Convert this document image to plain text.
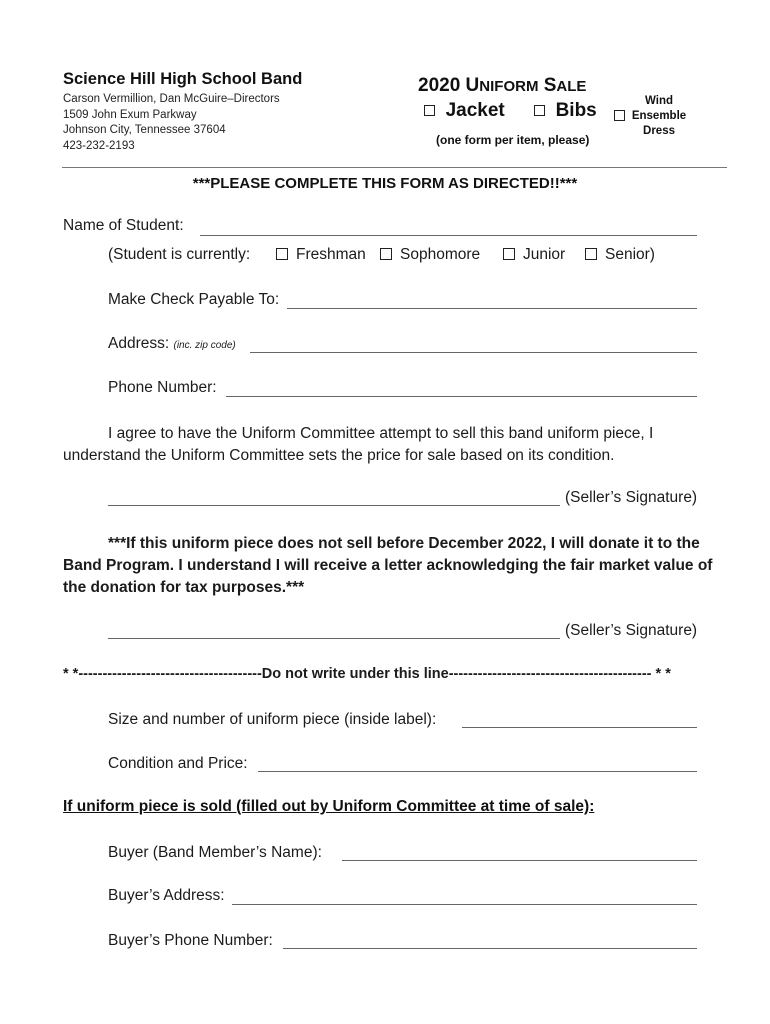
Science Hill High School Band
Carson Vermillion, Dan McGuire–Directors
1509 John Exum Parkway
Johnson City, Tennessee 37604
423-232-2193
2020 UNIFORM SALE
Jacket	Bibs	Wind Ensemble Dress
(one form per item, please)
***PLEASE COMPLETE THIS FORM AS DIRECTED!!***
Name of Student:
(Student is currently:	Freshman	Sophomore	Junior	Senior)
Make Check Payable To:
Address: (inc. zip code)
Phone Number:
I agree to have the Uniform Committee attempt to sell this band uniform piece, I understand the Uniform Committee sets the price for sale based on its condition.
(Seller’s Signature)
***If this uniform piece does not sell before December 2022, I will donate it to the Band Program. I understand I will receive a letter acknowledging the fair market value of the donation for tax purposes.***
(Seller’s Signature)
* *--------------------------------------Do not write under this line------------------------------------------ * *
Size and number of uniform piece (inside label):
Condition and Price:
If uniform piece is sold (filled out by Uniform Committee at time of sale):
Buyer (Band Member’s Name):
Buyer’s Address:
Buyer’s Phone Number:
